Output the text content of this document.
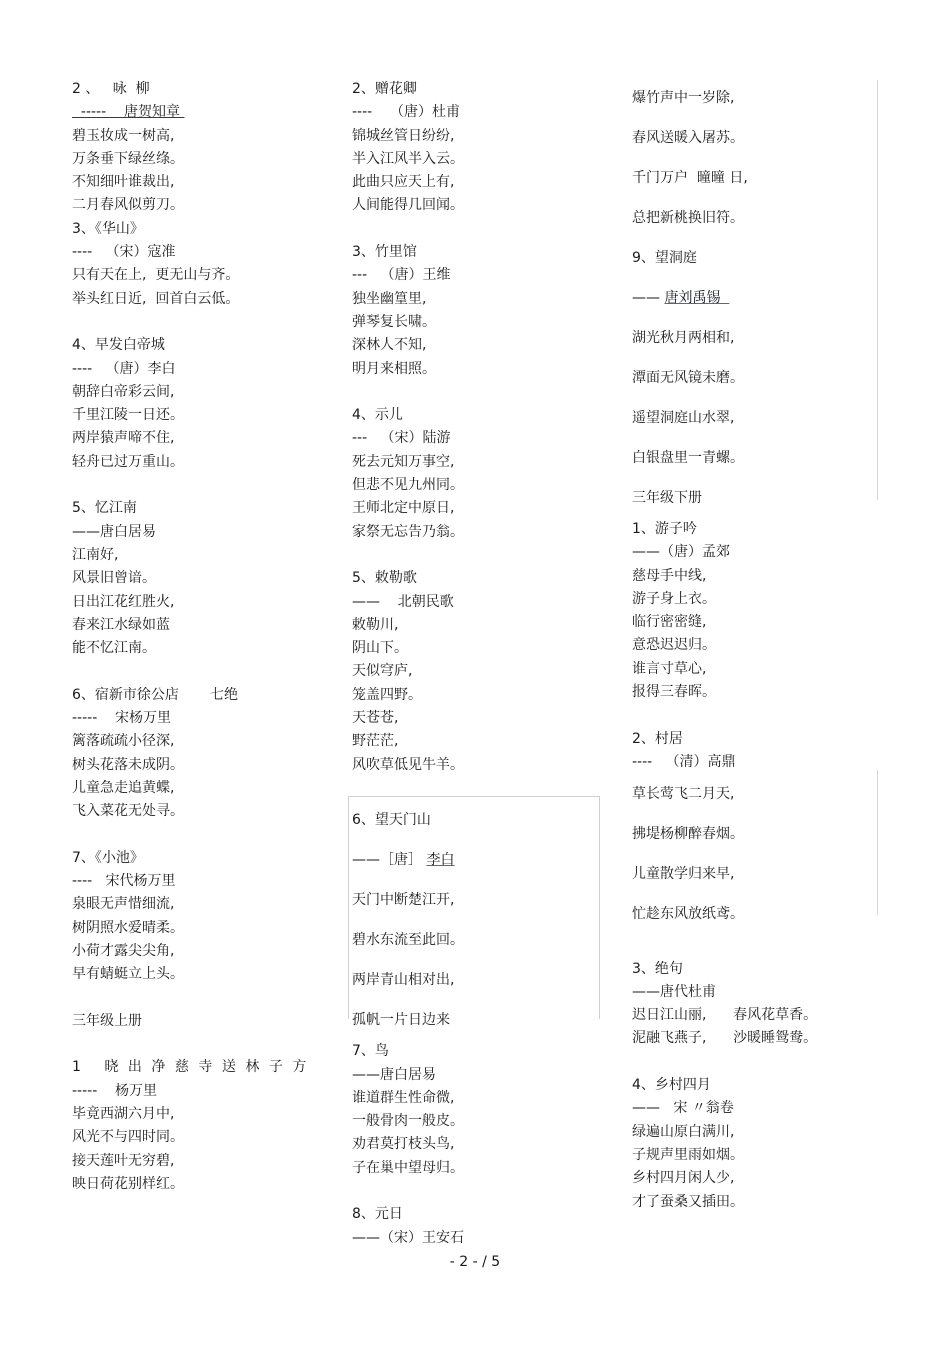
2 、   咏  柳
-----    唐贺知章
碧玉妆成一树高,
万条垂下绿丝绦。
不知细叶谁裁出,
二月春风似剪刀。
3、《华山》
----   （宋）寇准
只有天在上,  更无山与齐。
举头红日近,  回首白云低。
4、早发白帝城
----   （唐）李白
朝辞白帝彩云间,
千里江陵一日还。
两岸猿声啼不住,
轻舟已过万重山。
5、忆江南
——唐白居易
江南好,
风景旧曾谙。
日出江花红胜火,
春来江水绿如蓝
能不忆江南。
6、宿新市徐公店       七绝
-----    宋杨万里
篱落疏疏小径深,
树头花落未成阴。
儿童急走追黄蝶,
飞入菜花无处寻。
7、《小池》
----   宋代杨万里
泉眼无声惜细流,
树阴照水爱晴柔。
小荷才露尖尖角,
早有蜻蜓立上头。
三年级上册
1 晓出净慈寺送林子方
-----    杨万里
毕竟西湖六月中,
风光不与四时同。
接天莲叶无穷碧,
映日荷花别样红。
2、赠花卿
----    （唐）杜甫
锦城丝管日纷纷,
半入江风半入云。
此曲只应天上有,
人间能得几回闻。
3、竹里馆
---   （唐）王维
独坐幽篁里,
弹琴复长啸。
深林人不知,
明月来相照。
4、示儿
---   （宋）陆游
死去元知万事空,
但悲不见九州同。
王师北定中原日,
家祭无忘告乃翁。
5、敕勒歌
——    北朝民歌
敕勒川,
阴山下。
天似穹庐,
笼盖四野。
天苍苍,
野茫茫,
风吹草低见牛羊。
6、望天门山
——［唐］ 李白
天门中断楚江开,
碧水东流至此回。
两岸青山相对出,
孤帆一片日边来
7、鸟
——唐白居易
谁道群生性命微,
一般骨肉一般皮。
劝君莫打枝头鸟,
子在巢中望母归。
8、元日
——（宋）王安石
爆竹声中一岁除,
春风送暖入屠苏。
千门万户  曈曈 日,
总把新桃换旧符。
9、望洞庭
—— 唐刘禹锡
湖光秋月两相和,
潭面无风镜未磨。
遥望洞庭山水翠,
白银盘里一青螺。
三年级下册
1、游子吟
——（唐）孟郊
慈母手中线,
游子身上衣。
临行密密缝,
意恐迟迟归。
谁言寸草心,
报得三春晖。
2、村居
----   （清）高鼎
草长莺飞二月天,
拂堤杨柳醉春烟。
儿童散学归来早,
忙趁东风放纸鸢。
3、绝句
——唐代杜甫
迟日江山丽,      春风花草香。
泥融飞燕子,      沙暖睡鸳鸯。
4、乡村四月
——   宋 〃翁卷
绿遍山原白满川,
子规声里雨如烟。
乡村四月闲人少,
才了蚕桑又插田。
- 2 - / 5
